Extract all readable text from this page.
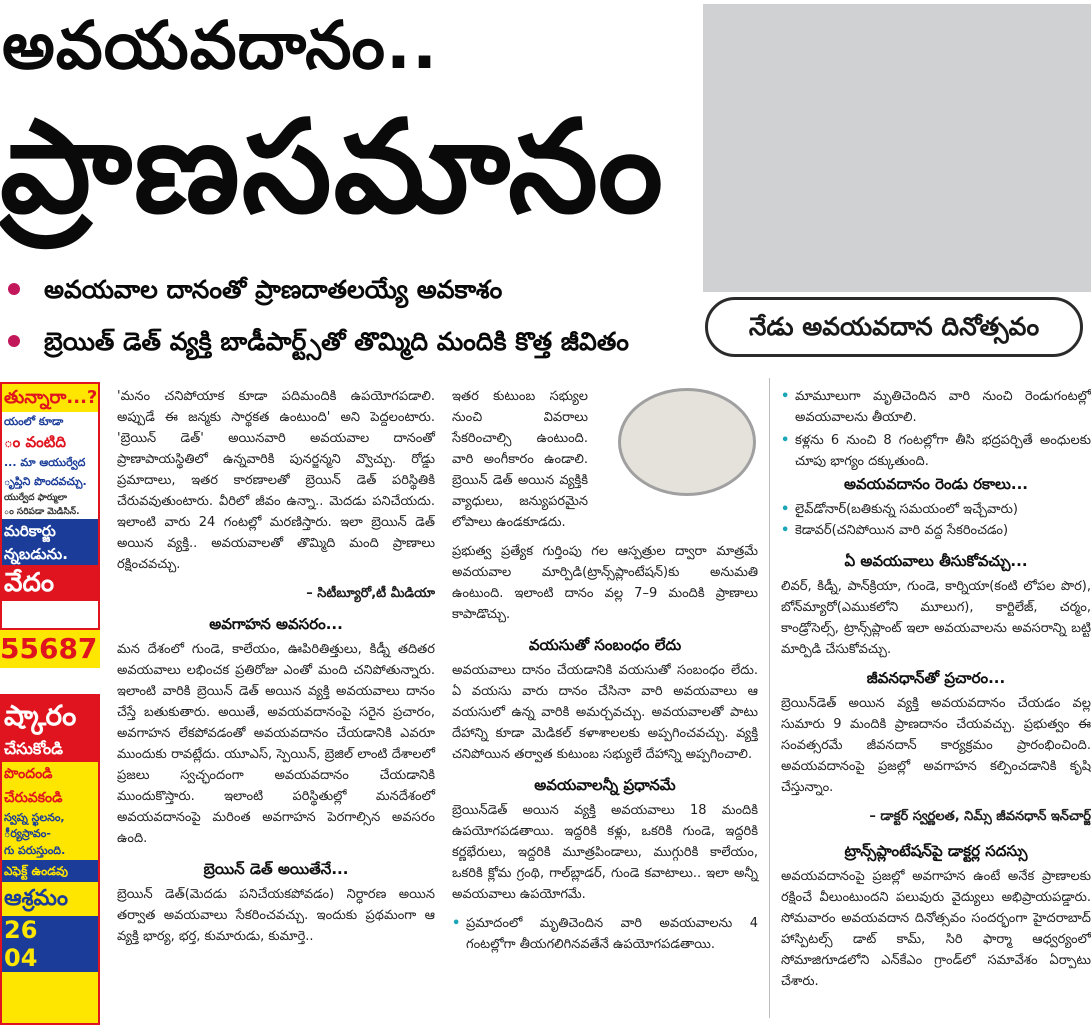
అవయవదానం..
ప్రాణసమానం
అవయవాల దానంతో ప్రాణదాతలయ్యే అవకాశం
బ్రెయిత్ డెత్ వ్యక్తి బాడీపార్ట్స్‌తో తొమ్మిది మందికి కొత్త జీవితం
నేడు అవయవదాన దినోత్సవం
తున్నారా...?
యంలో కూడా
ం వంటిది
... మా ఆయుర్వేద
ృప్తిని పొందవచ్చు.
యుర్వేద ఫార్ములా
ం సరిపడా మెడిసిన్.
మరికార్జు
న్నబడును.
వేదం
55687
ష్కారం
చేసుకోండి
పొందండి
చేరువకండి
స్వప్న స్ఖలనం,
ీర్యస్రావం-
గు పరుస్తుంది.
ఎఫెక్ట్ ఉండవు
ఆశ్రమం
26
04

'మనం చనిపోయాక కూడా పదిమందికి ఉపయోగపడాలి. అప్పుడే ఈ జన్మకు సార్థకత ఉంటుంది' అని పెద్దలంటారు. 'బ్రెయిన్ డెత్' అయినవారి అవయవాల దానంతో ప్రాణాపాయస్థితిలో ఉన్నవారికి పునర్జన్మని వ్వొచ్చు. రోడ్డు ప్రమాదాలు, ఇతర కారణాలతో బ్రెయిన్ డెత్ పరిస్థితికి చేరువవుతుంటారు. వీరిలో జీవం ఉన్నా.. మెదడు పనిచేయదు. ఇలాంటి వారు 24 గంటల్లో మరణిస్తారు. ఇలా బ్రెయిన్ డెత్ అయిన వ్యక్తి.. అవయవాలతో తొమ్మిది మంది ప్రాణాలు రక్షించవచ్చు.

– సిటీబ్యూరో,టీ మీడియా
అవగాహన అవసరం...

మన దేశంలో గుండె, కాలేయం, ఊపిరితిత్తులు, కిడ్నీ తదితర అవయవాలు లభించక ప్రతిరోజు ఎంతో మంది చనిపోతున్నారు. ఇలాంటి వారికి బ్రెయిన్ డెత్ అయిన వ్యక్తి అవయవాలు దానం చేస్తే బతుకుతారు. అయితే, అవయవదానంపై సరైన ప్రచారం, అవగాహన లేకపోవడంతో అవయవదానం చేయడానికి ఎవరూ ముందుకు రావట్లేదు. యూఎస్, స్పెయిన్, బ్రెజిల్ లాంటి దేశాలలో ప్రజలు స్వచ్ఛందంగా అవయవదానం చేయడానికి ముందుకొస్తారు. ఇలాంటి పరిస్థితుల్లో మనదేశంలో అవయవదానంపై మరింత అవగాహన పెరగాల్సిన అవసరం ఉంది.

బ్రెయిన్ డెత్ అయితేనే...

బ్రెయిన్ డెత్(మెదడు పనిచేయకపోవడం) నిర్ధారణ అయిన తర్వాత అవయవాలు సేకరించవచ్చు. ఇందుకు ప్రథమంగా ఆ వ్యక్తి భార్య, భర్త, కుమారుడు, కుమార్తె..

ఇతర కుటుంబ సభ్యుల నుంచి వివరాలు సేకరించాల్సి ఉంటుంది. వారి అంగీకారం ఉండాలి. బ్రెయిన్ డెత్ అయిన వ్యక్తికి వ్యాధులు, జన్యుపరమైన లోపాలు ఉండకూడదు.

ప్రభుత్వ ప్రత్యేక గుర్తింపు గల ఆస్పత్రుల ద్వారా మాత్రమే అవయవాల మార్పిడి(ట్రాన్స్‌ప్లాంటేషన్)కు అనుమతి ఉంటుంది. ఇలాంటి దానం వల్ల 7–9 మందికి ప్రాణాలు కాపాడొచ్చు.

వయసుతో సంబంధం లేదు

అవయవాలు దానం చేయడానికి వయసుతో సంబంధం లేదు. ఏ వయసు వారు దానం చేసినా వారి అవయవాలు ఆ వయసులో ఉన్న వారికి అమర్చవచ్చు. అవయవాలతో పాటు దేహాన్ని కూడా మెడికల్ కళాశాలలకు అప్పగించవచ్చు. వ్యక్తి చనిపోయిన తర్వాత కుటుంబ సభ్యులే దేహాన్ని అప్పగించాలి.

అవయవాలన్నీ ప్రధానమే

బ్రెయిన్‌డెత్ అయిన వ్యక్తి అవయవాలు 18 మందికి ఉపయోగపడతాయి. ఇద్దరికి కళ్లు, ఒకరికి గుండె, ఇద్దరికి కర్ణభేరులు, ఇద్దరికి మూత్రపిండాలు, ముగ్గురికి కాలేయం, ఒకరికి క్లోమ గ్రంథి, గాల్‌బ్లాడర్, గుండె కవాటాలు.. ఇలా అన్నీ అవయవాలు ఉపయోగమే.

• ప్రమాదంలో మృతిచెందిన వారి అవయవాలను 4 గంటల్లోగా తీయగలిగినవతేనే ఉపయోగపడతాయి.

• మామూలుగా మృతిచెందిన వారి నుంచి రెండుగంటల్లో అవయవాలను తీయాలి.

• కళ్లను 6 నుంచి 8 గంటల్లోగా తీసి భద్రపర్చితే అంధులకు చూపు భాగ్యం దక్కుతుంది.

అవయవదానం రెండు రకాలు...

• లైవ్‌డోనార్(బతికున్న సమయంలో ఇచ్చేవారు)

• కెడావర్(చనిపోయిన వారి వద్ద సేకరించడం)

ఏ అవయవాలు తీసుకోవచ్చు...

లివర్, కిడ్నీ, పాన్‌క్రియా, గుండె, కార్నియా(కంటి లోపల పొర), బోన్‌మ్యారో(ఎముకలోని మూలుగ), కార్టిలేజ్, చర్మం, కాండ్రోసెల్స్, ట్రాన్స్‌ప్లాంట్ ఇలా అవయవాలను అవసరాన్ని బట్టి మార్పిడి చేసుకోవచ్చు.

జీవనధాన్‌తో ప్రచారం...

బ్రెయిన్‌డెత్ అయిన వ్యక్తి అవయవదానం చేయడం వల్ల సుమారు 9 మందికి ప్రాణదానం చేయవచ్చు. ప్రభుత్వం ఈ సంవత్సరమే జీవనదాన్ కార్యక్రమం ప్రారంభించింది. అవయవదానంపై ప్రజల్లో అవగాహన కల్పించడానికి కృషి చేస్తున్నాం.

– డాక్టర్ స్వర్ణలత, నిమ్స్ జీవనధాన్ ఇన్‌చార్జ్
ట్రాన్స్‌ప్లాంటేషన్‌పై డాక్టర్ల సదస్సు

అవయవదానంపై ప్రజల్లో అవగాహన ఉంటే అనేక ప్రాణాలకు రక్షించే వీలుంటుందని పలువురు వైద్యులు అభిప్రాయపడ్డారు. సోమవారం అవయవదాన దినోత్సవం సందర్భంగా హైదరాబాద్ హాస్పిటల్స్ డాట్ కామ్, సిరి ఫార్మా ఆధ్వర్యంలో సోమాజిగూడలోని ఎన్‌కేఎం గ్రాండ్‌లో సమావేశం ఏర్పాటు చేశారు.
